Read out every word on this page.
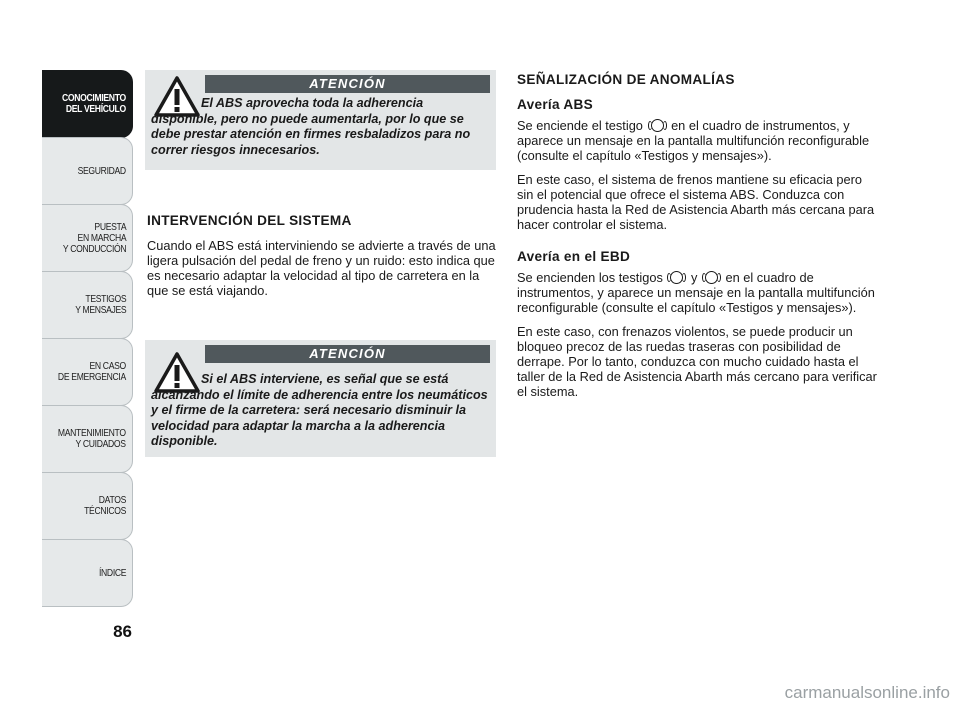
CONOCIMIENTO
DEL VEHÍCULO
SEGURIDAD
PUESTA
EN MARCHA
Y CONDUCCIÓN
TESTIGOS
Y MENSAJES
EN CASO
DE EMERGENCIA
MANTENIMIENTO
Y CUIDADOS
DATOS TÉCNICOS
ÍNDICE
86
ATENCIÓN
El ABS aprovecha toda la adherencia disponible, pero no puede aumentarla, por lo que se debe prestar atención en firmes resbaladizos para no correr riesgos innecesarios.
INTERVENCIÓN DEL SISTEMA

Cuando el ABS está interviniendo se advierte a través de una ligera pulsación del pedal de freno y un ruido: esto indica que es necesario adaptar la velocidad al tipo de carretera en la que se está viajando.

ATENCIÓN
Si el ABS interviene, es señal que se está alcanzando el límite de adherencia entre los neumáticos y el firme de la carretera: será necesario disminuir la velocidad para adaptar la marcha a la adherencia disponible.
SEÑALIZACIÓN DE ANOMALÍAS
Avería ABS

Se enciende el testigo en el cuadro de instrumentos, y aparece un mensaje en la pantalla multifunción reconfigurable (consulte el capítulo «Testigos y mensajes»).

En este caso, el sistema de frenos mantiene su eficacia pero sin el potencial que ofrece el sistema ABS. Conduzca con prudencia hasta la Red de Asistencia Abarth más cercana para hacer controlar el sistema.

Avería en el EBD

Se encienden los testigos y en el cuadro de instrumentos, y aparece un mensaje en la pantalla multifunción reconfigurable (consulte el capítulo «Testigos y mensajes»).

En este caso, con frenazos violentos, se puede producir un bloqueo precoz de las ruedas traseras con posibilidad de derrape. Por lo tanto, conduzca con mucho cuidado hasta el taller de la Red de Asistencia Abarth más cercano para verificar el sistema.

carmanualsonline.info
